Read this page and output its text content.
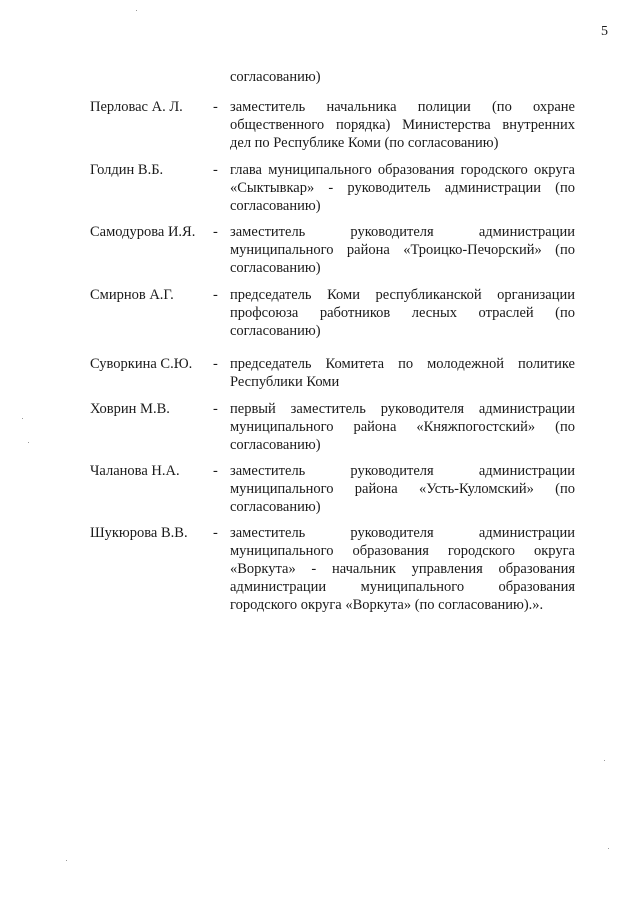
5
согласованию)
Перловас А. Л. - заместитель начальника полиции (по охране общественного порядка) Министерства внутренних дел по Республике Коми (по согласованию)
Голдин В.Б.	- глава муниципального образования городского округа «Сыктывкар» - руководитель администрации (по согласованию)
Самодурова И.Я. - заместитель руководителя администрации муниципального района «Троицко-Печорский» (по согласованию)
Смирнов А.Г.	- председатель Коми республиканской организации профсоюза работников лесных отраслей (по согласованию)
Суворкина С.Ю. - председатель Комитета по молодежной политике Республики Коми
Ховрин М.В.	- первый заместитель руководителя администрации муниципального района «Княжпогостский» (по согласованию)
Чаланова Н.А. - заместитель руководителя администрации муниципального района «Усть-Куломский» (по согласованию)
Шукюрова В.В. - заместитель руководителя администрации муниципального образования городского округа «Воркута» - начальник управления образования администрации муниципального образования городского округа «Воркута» (по согласованию).».
